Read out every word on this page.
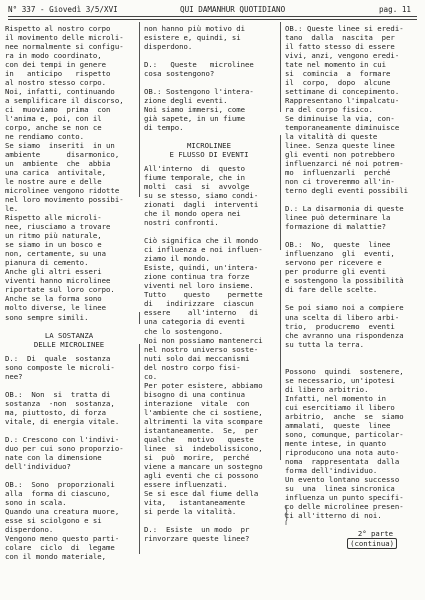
N° 337 - Giovedì 3/5/XVI	QUI DAMANHUR QUOTIDIANO	pag. 11

Rispetto al nostro corpo

il movimento delle microli-

nee normalmente si configu-

ra in modo coordinato,

con dei tempi in genere

in   anticipo   rispetto

al nostro stesso corpo.

Noi, infatti, continuando

a semplificare il discorso,

ci  muoviamo  prima  con

l'anima e, poi, con il

corpo, anche se non ce

ne rendiamo conto.

Se siamo  inseriti  in un

ambiente      disarmonico,

un  ambiente  che  abbia

una carica  antivitale,

le nostre aure e delle

microlinee vengono ridotte

nel loro movimento possibi-

le.

Rispetto alle microli-

nee, riusciamo a trovare

un ritmo più naturale,

se siamo in un bosco e

non, certamente, su una

pianura di cemento.

Anche gli altri esseri

viventi hanno microlinee

riportate sul loro corpo.

Anche se la forma sono

molto diverse, le linee

sono sempre simili.

LA SOSTANZA

DELLE MICROLINEE

D.:  Di  quale  sostanza

sono composte le microli-

nee?

OB.:  Non  si  tratta di

sostanza  -non  sostanza,

ma, piuttosto, di forza

vitale, di energia vitale.

D.: Crescono con l'indivi-

duo per cui sono proporzio-

nate con la dimensione

dell'individuo?

OB.:  Sono  proporzionali

alla  forma di ciascuno,

sono in scala.

Quando una creatura muore,

esse si sciolgono e si

disperdono.

Vengono meno questo parti-

colare  ciclo  di  legame

con il mondo materiale,

non hanno più motivo di

esistere e, quindi, si

disperdono.

D.:   Queste   microlinee

cosa sostengono?

OB.: Sostengono l'intera-

zione degli eventi.

Noi siamo immersi, come

già sapete, in un fiume

di tempo.

MICROLINEE

E FLUSSO DI EVENTI

All'interno  di  questo

fiume temporale, che in

molti  casi  si  avvolge

su se stesso, siamo condi-

zionati  dagli  interventi

che il mondo opera nei

nostri confronti.

Ciò significa che il mondo

ci influenza e noi influen-

ziamo il mondo.

Esiste, quindi, un'intera-

zione continua tra forze

viventi nel loro insieme.

Tutto    questo    permette

di   indirizzare  ciascun

essere    all'interno   di

una categoria di eventi

che lo sostengono.

Noi non possiamo mantenerci

nel nostro universo soste-

nuti solo dai meccanismi

del nostro corpo fisi-

co.

Per poter esistere, abbiamo

bisogno di una continua

interazione  vitale  con

l'ambiente che ci sostiene,

altrimenti la vita scompare

istantaneamente.  Se,  per

qualche   motivo   queste

linee  sì  indebolissicono,

si  può  morire,  perché

viene a mancare un sostegno

agli eventi che ci possono

essere influenzati.

Se si esce dal fiume della

vita,   istantaneamente

si perde la vitalità.

D.:  Esiste  un modo  pr

rinvorzare queste linee?

OB.: Queste linee si eredi-

tano  dalla  nascita  per

il fatto stesso di essere

vivi, anzi, vengono eredi-

tate nel momento in cui

si  comincia  a  formare

il  corpo,  dopo  alcune

settimane di concepimento.

Rappresentano l'impalcatu-

ra del corpo fisico.

Se diminuise la via, con-

temporaneamente diminuisce

la vitalità di queste

linee. Senza queste linee

gli eventi non potrebbero

influenzarci né noi potrem-

mo  influenzarli  perché

non ci troveremmo all'in-

terno degli eventi possibili

D.: La disarmonia di queste

linee può determinare la

formazione di malattie?

OB.:  No,  queste  linee

influenzano  gli  eventi,

servono per ricevere e

per produrre gli eventi

e sostengono la possibilità

di fare delle scelte.

Se poi siamo noi a compiere

una scelta di libero arbi-

trio,  producremo  eventi

che avranno una rispondenza

su tutta la terra.

Possono  quindi  sostenere,

se necessario, un'ipotesi

di libero arbitrio.

Infatti, nel momento in

cui esercitiamo il libero

arbitrio,  anche  se  siamo

ammalati,  queste  linee

sono, comunque, particolar-

mente intese, in quanto

riproducono una nota auto-

noma  rappresentata  dalla

forma dell'individuo.

Un evento lontano successo

su  una  linea sincronica

influenza un punto specifi-

co delle microlinee presen-

ti all'itterno di noi.

2° parte

(continua)
